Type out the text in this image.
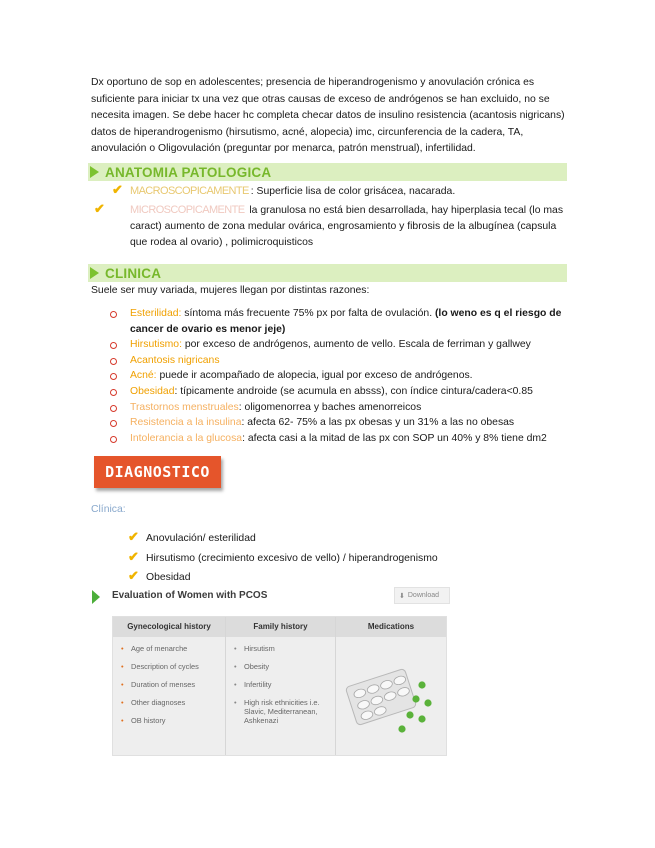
Dx oportuno de sop en adolescentes; presencia de hiperandrogenismo y anovulación crónica es suficiente para iniciar tx una vez que otras causas de exceso de andrógenos se han excluido, no se necesita imagen. Se debe hacer hc completa checar datos de insulino resistencia (acantosis nigricans) datos de hiperandrogenismo (hirsutismo, acné, alopecia) imc, circunferencia de la cadera, TA, anovulación o Oligovulación (preguntar por menarca, patrón menstrual), infertilidad.
ANATOMIA PATOLOGICA
✔ MACROSCOPICAMENTE : Superficie lisa de color grisácea, nacarada.
✔ MICROSCOPICAMENTE la granulosa no está bien desarrollada, hay hiperplasia tecal (lo mas caract) aumento de zona medular ovárica, engrosamiento y fibrosis de la albugínea (capsula que rodea al ovario) , polimicroquisticos
CLINICA
Suele ser muy variada, mujeres llegan por distintas razones:
Esterilidad: síntoma más frecuente 75% px por falta de ovulación. (lo weno es q el riesgo de cancer de ovario es menor jeje)
Hirsutismo: por exceso de andrógenos, aumento de vello. Escala de ferriman y gallwey
Acantosis nigricans
Acné: puede ir acompañado de alopecia, igual por exceso de andrógenos.
Obesidad: típicamente androide (se acumula en absss), con índice cintura/cadera<0.85
Trastornos menstruales: oligomenorrea y baches amenorreicos
Resistencia a la insulina: afecta 62- 75% a las px obesas y un 31% a las no obesas
Intolerancia a la glucosa: afecta casi a la mitad de las px con SOP un 40% y 8% tiene dm2
DIAGNOSTICO
Clínica:
✔ Anovulación/ esterilidad
✔ Hirsutismo (crecimiento excesivo de vello) / hiperandrogenismo
✔ Obesidad
Evaluation of Women with PCOS	⬇ Download
Gynecological history
• Age of menarche
• Description of cycles
• Duration of menses
• Other diagnoses
• OB history
Family history
• Hirsutism
• Obesity
• Infertility
• High risk ethnicities i.e. Slavic, Mediterranean, Ashkenazi
Medications
